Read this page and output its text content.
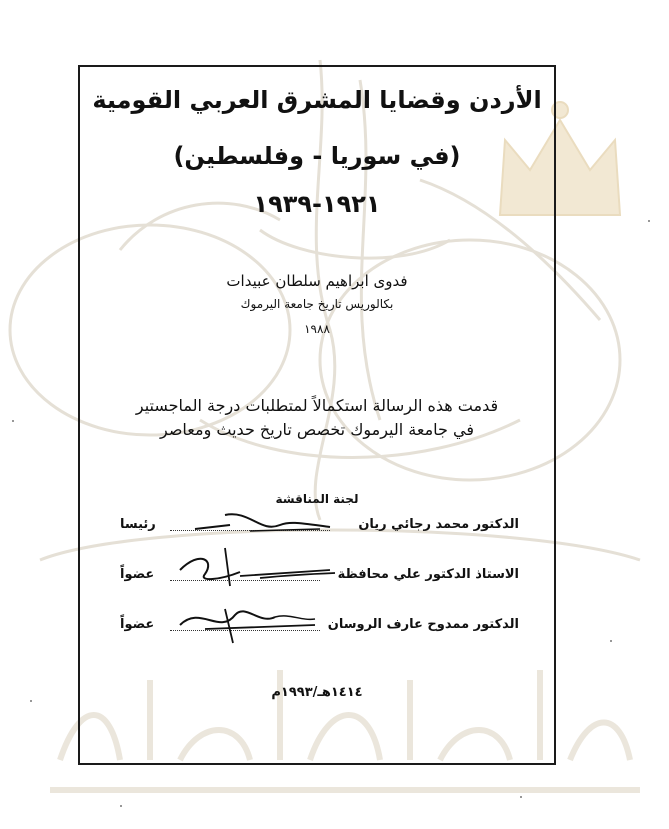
الأردن وقضايا المشرق العربي القومية
(في سوريا - وفلسطين)
١٩٢١-١٩٣٩
فدوى ابراهيم سلطان عبيدات
بكالوريس تاريخ جامعة اليرموك
١٩٨٨
قدمت هذه الرسالة استكمالاً لمتطلبات درجة الماجستير
في جامعة اليرموك تخصص تاريخ حديث ومعاصر
لجنة المناقشة
الدكتور محمد رجائي ريان
رئيسا
الاستاذ الدكتور علي محافظة
عضواً
الدكتور ممدوح عارف الروسان
عضواً
١٤١٤هـ/١٩٩٣م
